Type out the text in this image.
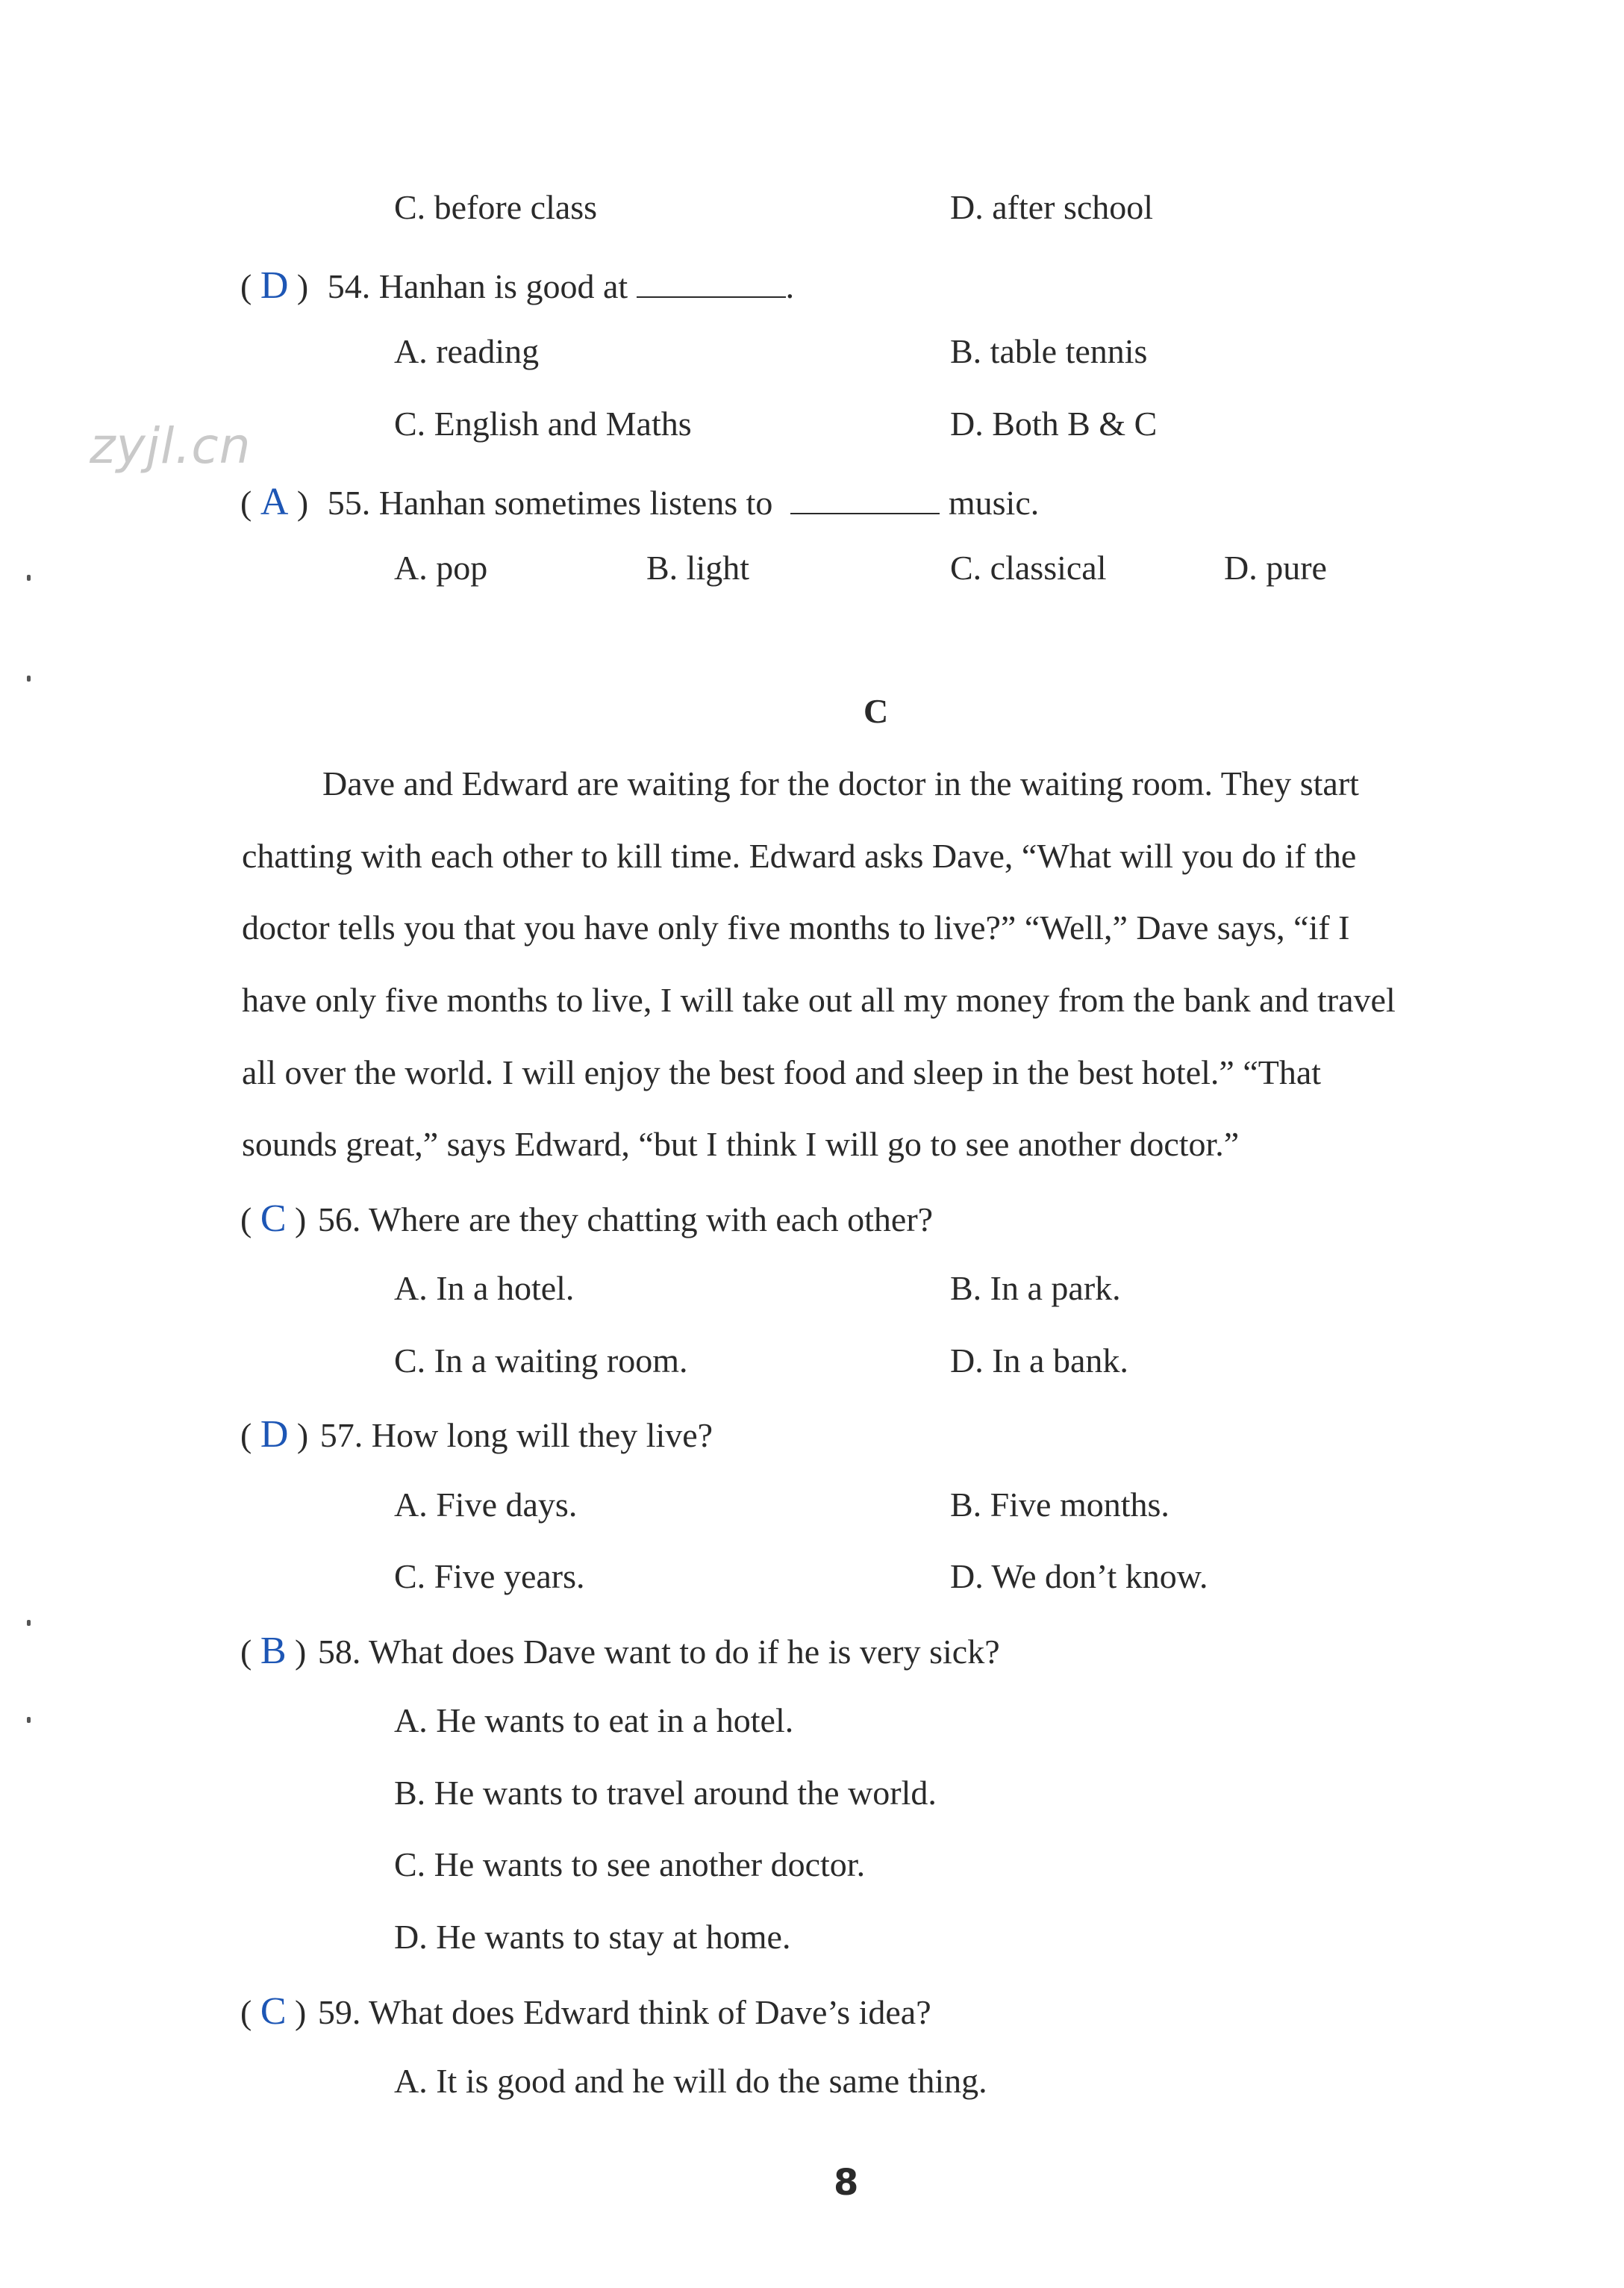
zyjl.cn
C. before class	D. after school
( D ) 54. Hanhan is good at	.
A. reading	B. table tennis
C. English and Maths	D. Both B & C
( A ) 55. Hanhan sometimes listens to	music.
A. pop	B. light	C. classical	D. pure
C
Dave and Edward are waiting for the doctor in the waiting room. They start
chatting with each other to kill time. Edward asks Dave, “What will you do if the
doctor tells you that you have only five months to live?” “Well,” Dave says, “if I
have only five months to live, I will take out all my money from the bank and travel
all over the world. I will enjoy the best food and sleep in the best hotel.” “That
sounds great,” says Edward, “but I think I will go to see another doctor.”
( C ) 56. Where are they chatting with each other?
A. In a hotel.	B. In a park.
C. In a waiting room.	D. In a bank.
( D ) 57. How long will they live?
A. Five days.	B. Five months.
C. Five years.	D. We don’t know.
( B ) 58. What does Dave want to do if he is very sick?
A. He wants to eat in a hotel.
B. He wants to travel around the world.
C. He wants to see another doctor.
D. He wants to stay at home.
( C ) 59. What does Edward think of Dave’s idea?
A. It is good and he will do the same thing.
8
